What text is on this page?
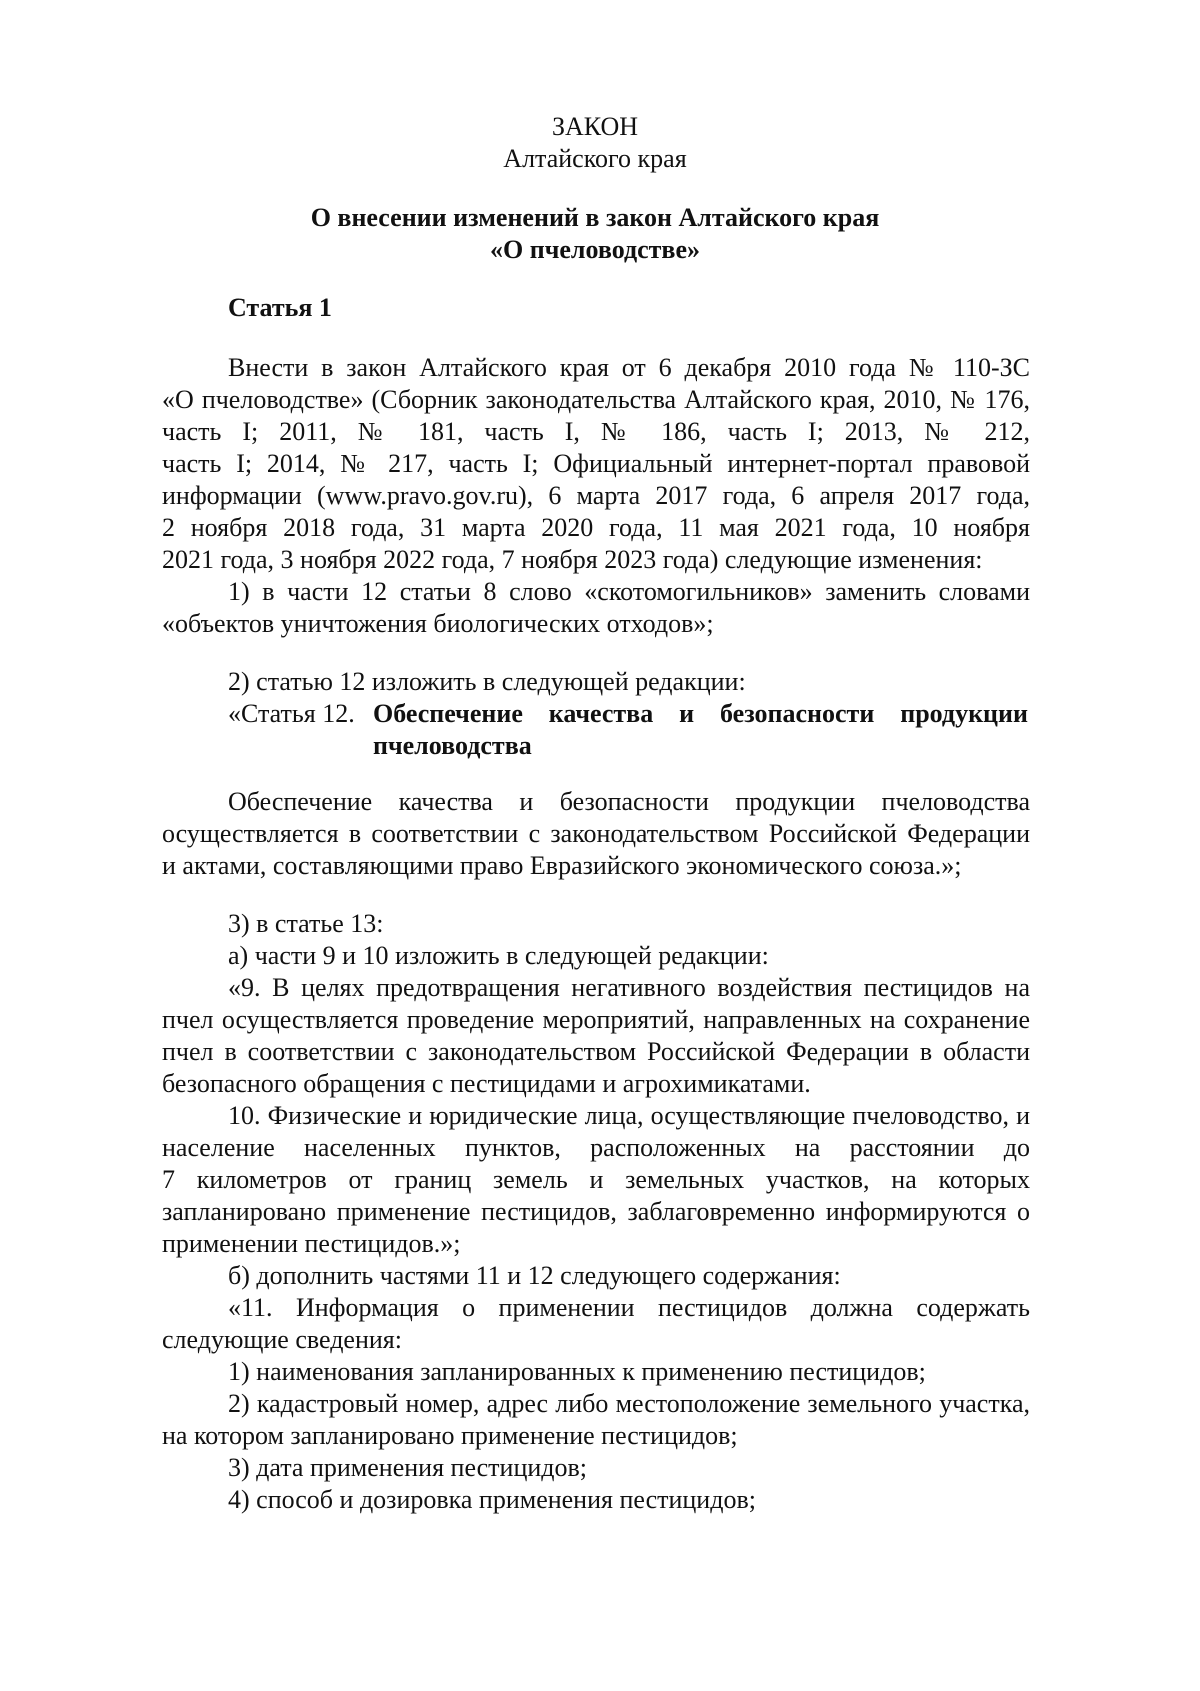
ЗАКОН
Алтайского края
О внесении изменений в закон Алтайского края
«О пчеловодстве»
Статья 1
Внести в закон Алтайского края от 6 декабря 2010 года № 110-ЗС
«О пчеловодстве» (Сборник законодательства Алтайского края, 2010, № 176,
часть I; 2011, № 181, часть I, № 186, часть I; 2013, № 212,
часть I; 2014, № 217, часть I; Официальный интернет-портал правовой
информации (www.pravo.gov.ru), 6 марта 2017 года, 6 апреля 2017 года,
2 ноября 2018 года, 31 марта 2020 года, 11 мая 2021 года, 10 ноября
2021 года, 3 ноября 2022 года, 7 ноября 2023 года) следующие изменения:
1) в части 12 статьи 8 слово «скотомогильников» заменить словами
«объектов уничтожения биологических отходов»;
2) статью 12 изложить в следующей редакции:
«Статья 12. Обеспечение качества и безопасности продукции пчеловодства
Обеспечение качества и безопасности продукции пчеловодства
осуществляется в соответствии с законодательством Российской Федерации
и актами, составляющими право Евразийского экономического союза.»;
3) в статье 13:
а) части 9 и 10 изложить в следующей редакции:
«9. В целях предотвращения негативного воздействия пестицидов на
пчел осуществляется проведение мероприятий, направленных на сохранение
пчел в соответствии с законодательством Российской Федерации в области
безопасного обращения с пестицидами и агрохимикатами.
10. Физические и юридические лица, осуществляющие пчеловодство, и
население населенных пунктов, расположенных на расстоянии до
7 километров от границ земель и земельных участков, на которых
запланировано применение пестицидов, заблаговременно информируются о
применении пестицидов.»;
б) дополнить частями 11 и 12 следующего содержания:
«11. Информация о применении пестицидов должна содержать
следующие сведения:
1) наименования запланированных к применению пестицидов;
2) кадастровый номер, адрес либо местоположение земельного участка,
на котором запланировано применение пестицидов;
3) дата применения пестицидов;
4) способ и дозировка применения пестицидов;
